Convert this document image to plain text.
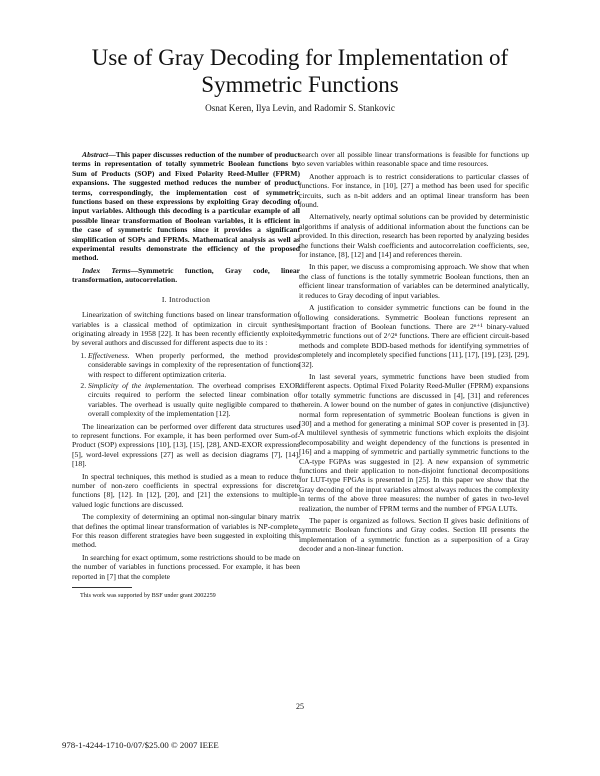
Use of Gray Decoding for Implementation of
Symmetric Functions
Osnat Keren, Ilya Levin, and Radomir S. Stankovic

Abstract—This paper discusses reduction of the number of product terms in representation of totally symmetric Boolean functions by Sum of Products (SOP) and Fixed Polarity Reed-Muller (FPRM) expansions. The suggested method reduces the number of product terms, correspondingly, the implementation cost of symmetric functions based on these expressions by exploiting Gray decoding of input variables. Although this decoding is a particular example of all possible linear transformation of Boolean variables, it is efficient in the case of symmetric functions since it provides a significant simplification of SOPs and FPRMs. Mathematical analysis as well as experimental results demonstrate the efficiency of the proposed method.

Index Terms—Symmetric function, Gray code, linear transformation, autocorrelation.

I. Introduction

Linearization of switching functions based on linear transformation of variables is a classical method of optimization in circuit synthesis originating already in 1958 [22]. It has been recently efficiently exploited by several authors and discussed for different aspects due to its :

1. Effectiveness. When properly performed, the method provides considerable savings in complexity of the representation of functions with respect to different optimization criteria.
2. Simplicity of the implementation. The overhead comprises EXOR circuits required to perform the selected linear combination of variables. The overhead is usually quite negligible compared to the overall complexity of the implementation [12].

The linearization can be performed over different data structures used to represent functions. For example, it has been performed over Sum-of-Product (SOP) expressions [10], [13], [15], [28], AND-EXOR expressions [5], word-level expressions [27] as well as decision diagrams [7], [14], [18].

In spectral techniques, this method is studied as a mean to reduce the number of non-zero coefficients in spectral expressions for discrete functions [8], [12]. In [12], [20], and [21] the extensions to multiple-valued logic functions are discussed.

The complexity of determining an optimal non-singular binary matrix that defines the optimal linear transformation of variables is NP-complete. For this reason different strategies have been suggested in exploiting this method.

In searching for exact optimum, some restrictions should to be made on the number of variables in functions processed. For example, it has been reported in [7] that the complete

This work was supported by BSF under grant 2002259

search over all possible linear transformations is feasible for functions up to seven variables within reasonable space and time resources.

Another approach is to restrict considerations to particular classes of functions. For instance, in [10], [27] a method has been used for specific circuits, such as n-bit adders and an optimal linear transform has been found.

Alternatively, nearly optimal solutions can be provided by deterministic algorithms if analysis of additional information about the functions can be provided. In this direction, research has been reported by analyzing besides the functions their Walsh coefficients and autocorrelation coefficients, see, for instance, [8], [12] and [14] and references therein.

In this paper, we discuss a compromising approach. We show that when the class of functions is the totally symmetric Boolean functions, then an efficient linear transformation of variables can be determined analytically, it reduces to Gray decoding of input variables.

A justification to consider symmetric functions can be found in the following considerations. Symmetric Boolean functions represent an important fraction of Boolean functions. There are 2ⁿ⁺¹ binary-valued symmetric functions out of 2^2ⁿ functions. There are efficient circuit-based methods and complete BDD-based methods for identifying symmetries of completely and incompletely specified functions [11], [17], [19], [23], [29], [32].

In last several years, symmetric functions have been studied from different aspects. Optimal Fixed Polarity Reed-Muller (FPRM) expansions for totally symmetric functions are discussed in [4], [31] and references therein. A lower bound on the number of gates in conjunctive (disjunctive) normal form representation of symmetric Boolean functions is given in [30] and a method for generating a minimal SOP cover is presented in [3]. A multilevel synthesis of symmetric functions which exploits the disjoint decomposability and weight dependency of the functions is presented in [16] and a mapping of symmetric and partially symmetric functions to the CA-type FGPAs was suggested in [2]. A new expansion of symmetric functions and their application to non-disjoint functional decompositions for LUT-type FPGAs is presented in [25]. In this paper we show that the Gray decoding of the input variables almost always reduces the complexity in terms of the above three measures: the number of gates in two-level realization, the number of FPRM terms and the number of FPGA LUTs.

The paper is organized as follows. Section II gives basic definitions of symmetric Boolean functions and Gray codes. Section III presents the implementation of a symmetric function as a superposition of a Gray decoder and a non-linear function.

25
978-1-4244-1710-0/07/$25.00 © 2007 IEEE
